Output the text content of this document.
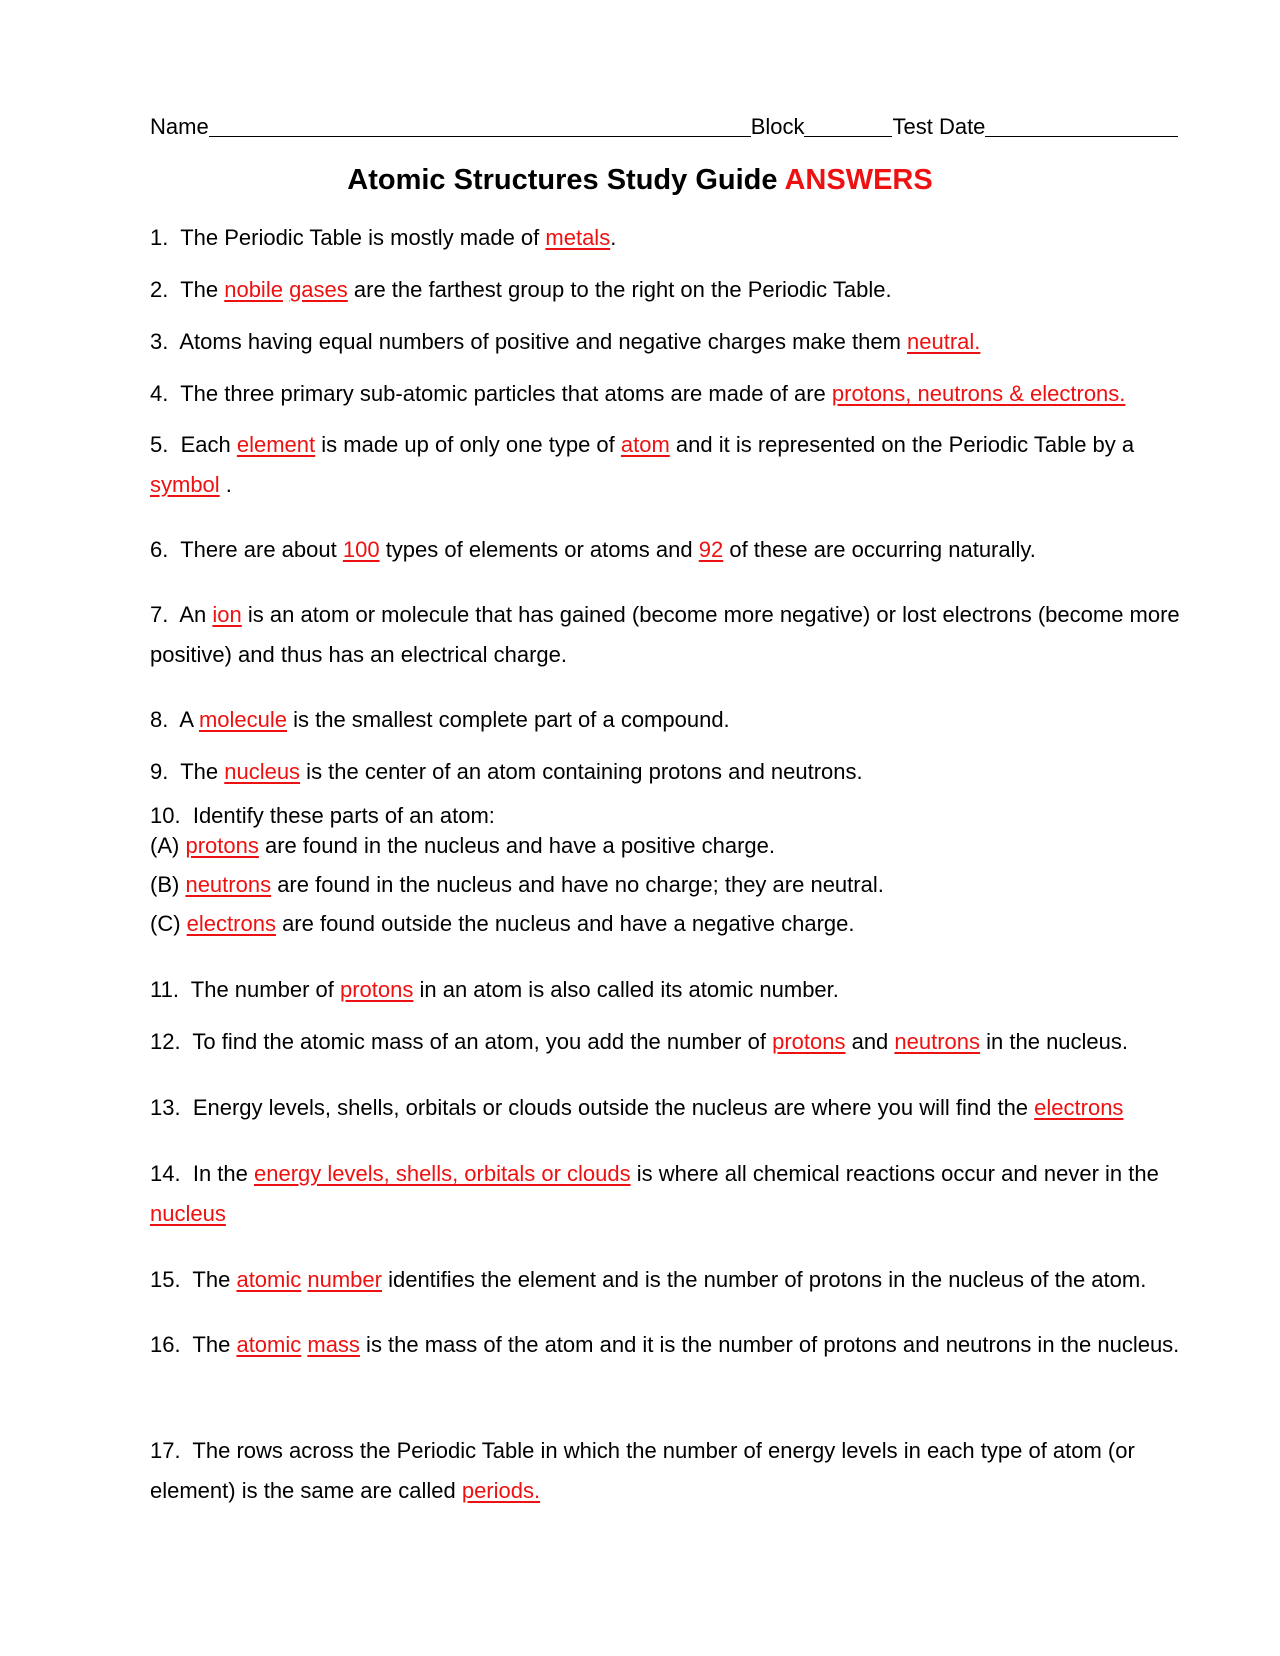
Name	Block	Test Date
Atomic Structures Study Guide ANSWERS

1. The Periodic Table is mostly made of metals.

2. The nobile gases are the farthest group to the right on the Periodic Table.

3. Atoms having equal numbers of positive and negative charges make them neutral.

4. The three primary sub-atomic particles that atoms are made of are protons, neutrons & electrons.

5. Each element is made up of only one type of atom and it is represented on the Periodic Table by a symbol .

6. There are about 100 types of elements or atoms and 92 of these are occurring naturally.

7. An ion is an atom or molecule that has gained (become more negative) or lost electrons (become more positive) and thus has an electrical charge.

8. A molecule is the smallest complete part of a compound.

9. The nucleus is the center of an atom containing protons and neutrons.

10. Identify these parts of an atom:

(A) protons are found in the nucleus and have a positive charge.

(B) neutrons are found in the nucleus and have no charge; they are neutral.

(C) electrons are found outside the nucleus and have a negative charge.

11. The number of protons in an atom is also called its atomic number.

12. To find the atomic mass of an atom, you add the number of protons and neutrons in the nucleus.

13. Energy levels, shells, orbitals or clouds outside the nucleus are where you will find the electrons

14. In the energy levels, shells, orbitals or clouds is where all chemical reactions occur and never in the nucleus

15. The atomic number identifies the element and is the number of protons in the nucleus of the atom.

16. The atomic mass is the mass of the atom and it is the number of protons and neutrons in the nucleus.

17. The rows across the Periodic Table in which the number of energy levels in each type of atom (or element) is the same are called periods.
